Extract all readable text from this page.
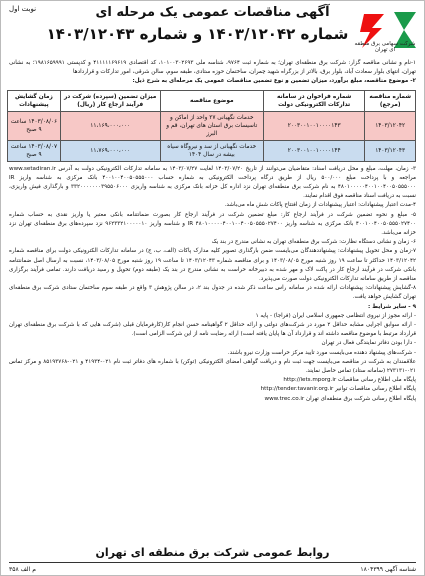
شرکت سهامی برق منطقه ای تهران
نوبت اول	آگهی مناقصات عمومی یک مرحله ای
شماره ۱۴۰۳/۱۲۰۴۲ و شماره ۱۴۰۳/۱۲۰۴۳

۱-نام و نشانی مناقصه گزار: شرکت برق منطقه‌ای تهران؛ به شماره ثبت ۹۷۶۴، شناسه ملی ۱۰۱۰۰۳۰۲۶۹۳، کد اقتصادی ۴۱۱۱۱۱۶۹۶۱۹ و کدپستی ۱۹۸۱۶۵۹۹۹۱؛ به نشانی تهران، انتهای بلوار سعادت آباد، بلوار برق، بالاتر از بزرگراه شهید چمران، ساختمان حوزه ستادی، طبقه سوم، سالن شرقی، امور تدارکات و قراردادها

۲- موضوع مناقصه، مبلغ برآورد، میزان تضمین و نوع تضمین مناقصات عمومی یک مرحله‌ای به شرح ذیل:

شماره مناقصه (مرجع)	شماره فراخوان در سامانه تدارکات الکترونیکی دولت	موضوع مناقصه	میزان تضمین (سپرده) شرکت در فرآیند ارجاع کار (ریال)	زمان گشایش پیشنهادات
۱۴۰۳/۱۲۰۴۲	۲۰۰۳۰۰۱۰۰۱۰۰۰۰۱۴۳	خدمات نگهبانی ۲۷ واحد از اماکن و تاسیسات برق استان های تهران، قم و البرز	۱۱،۱۶۹،۰۰۰،۰۰۰	۱۴۰۳/۰۸/۰۶ ساعت ۹ صبح
۱۴۰۳/۱۲۰۴۳	۲۰۰۳۰۰۱۰۰۱۰۰۰۰۱۴۴	خدمات نگهبانی از سد و نیروگاه سیاه بیشه در سال ۱۴۰۴	۱۱،۷۶۹،۰۰۰،۰۰۰	۱۴۰۳/۰۸/۰۷ ساعت ۹ صبح

۳- زمان، مهلت، مبلغ و محل دریافت اسناد: متقاضیان می‌توانند از تاریخ ۱۴۰۳/۰۷/۲۰ لغایت ۱۴۰۳/۰۷/۲۷ به سامانه تدارکات الکترونیکی دولت به آدرس www.setadiran.ir مراجعه و با پرداخت مبلغ ۵۰۰/۰۰۰ ریال از طریق درگاه پرداخت الکترونیکی به شماره حساب ۴۰۰۱۰۰۴۰۰۵۰۵۵۵۰۰۰ بانک مرکزی به شناسه واریز IR ۴۸۰۱۰۰۰۰۰۴۰۰۱۰۰۴۰۰۵۰۵۵۵۰۰۰ به نام شرکت برق منطقه‌ای تهران نزد اداره کل خزانه بانک مرکزی به شناسه واریزی ۳۳۲۰۰۰۰۰۰۰۳۹۵۵۰۶۰۰۰ و بارگذاری فیش واریزی، نسبت به دریافت اسناد مناقصه فوق اقدام نمایند.

۴-مدت اعتبار پیشنهادات: اعتبار پیشنهادات از زمان افتتاح پاکات شش ماه می‌باشد.

۵- مبلغ و نحوه تضمین شرکت در فرآیند ارجاع کار: مبلغ تضمین شرکت در فرآیند ارجاع کار بصورت ضمانتنامه بانکی معتبر یا واریز نقدی به حساب شماره ۴۰۰۱۰۰۴۰۰۵۰۵۵۵۰۲۷۴۰۰ بانک مرکزی به شناسه واریز IR ۴۸۰۱۰۰۰۰۰۴۰۰۱۰۰۴۰۰۵۰۵۵۵۰۲۷۴۰۰ و شناسه واریز ۹۶۲۳۳۲۱۰۰۰۰۰۱۰ نزد سپرده‌های برق منطقه‌ای تهران نزد خزانه می‌باشد.

۶- زمان و نشانی دستگاه نظارت: شرکت برق منطقه‌ای تهران به نشانی مندرج در بند یک

۷-زمان و محل تحویل پیشنهادات: پیشنهاددهندگان می‌بایست ضمن بارگذاری تصویر کلیه مدارک پاکات (الف، ب، ج) در سامانه تدارکات الکترونیکی دولت برای مناقصه شماره ۱۴۰۳/۱۲۰۴۲ حداکثر تا ساعت ۱۹ روز شنبه مورخ ۱۴۰۳/۰۸/۰۵ و برای مناقصه شماره ۱۴۰۳/۱۲۰۴۳ تا ساعت ۱۹ روز شنبه مورخ ۱۴۰۳/۰۸/۰۵، نسبت به ارسال اصل ضمانتنامه بانکی شرکت در فرآیند ارجاع کار در پاکت لاک و مهر شده به دبیرخانه حراست به نشانی مندرج در بند یک (طبقه دوم) تحویل و رسید دریافت دارند. تمامی فرآیند برگزاری مناقصه از طریق سامانه تدارکات الکترونیکی دولت صورت می‌پذیرد.

۸-گشایش پیشنهادات: پیشنهادات ارائه شده در سامانه راس ساعت ذکر شده در جدول بند ۲، در سالن پژوهش ۳ واقع در طبقه سوم ساختمان ستادی شرکت برق منطقه‌ای تهران گشایش خواهد یافت.

۹ - سایر شرایط :

- ارائه مجوز از نیروی انتظامی جمهوری اسلامی ایران (فراجا) - پایه ۱

- ارائه سوابق اجرایی مشابه حداقل ۲ مورد در شرکت‌های دولتی و ارائه حداقل ۲ گواهینامه حسن انجام کار(کارفرمایان قبلی (شرکت هایی که با شرکت برق منطقه‌ای تهران قرارداد مرتبط با موضوع مناقصه داشته اند و قرارداد آن ها پایان یافته است) ارائه رضایت نامه از این شرکت الزامی است).

- دارا بودن دفاتر نمایندگی فعال در تهران

- شرکت‌های پیشنهاد دهنده می‌بایست مورد تایید مرکز حراست وزارت نیرو باشند.

علاقمندان به شرکت در مناقصه می‌بایست جهت ثبت نام و دریافت گواهی امضای الکترونیکی (توکن) با شماره های دفاتر ثبت نام ۰۲۱-۴۱۹۳۴ و ۰۲۱-۸۵۱۹۳۷۶۸ و مرکز تماس ۰۲۱-۲۷۳۱۳۱ (سامانه ستاد) تماس حاصل نمایند.

پایگاه ملی اطلاع رسانی مناقصات http://iets.mporg.ir

پایگاه اطلاع رسانی مناقصات توانیر http://tender.tavanir.org.ir

پایگاه اطلاع رسانی شرکت برق منطقه‌ای تهران www.trec.co.ir

روابط عمومی شرکت برق منطقه ای تهران
شناسه آگهی ۱۸۰۴۳۹۹
م الف ۳۵۸
